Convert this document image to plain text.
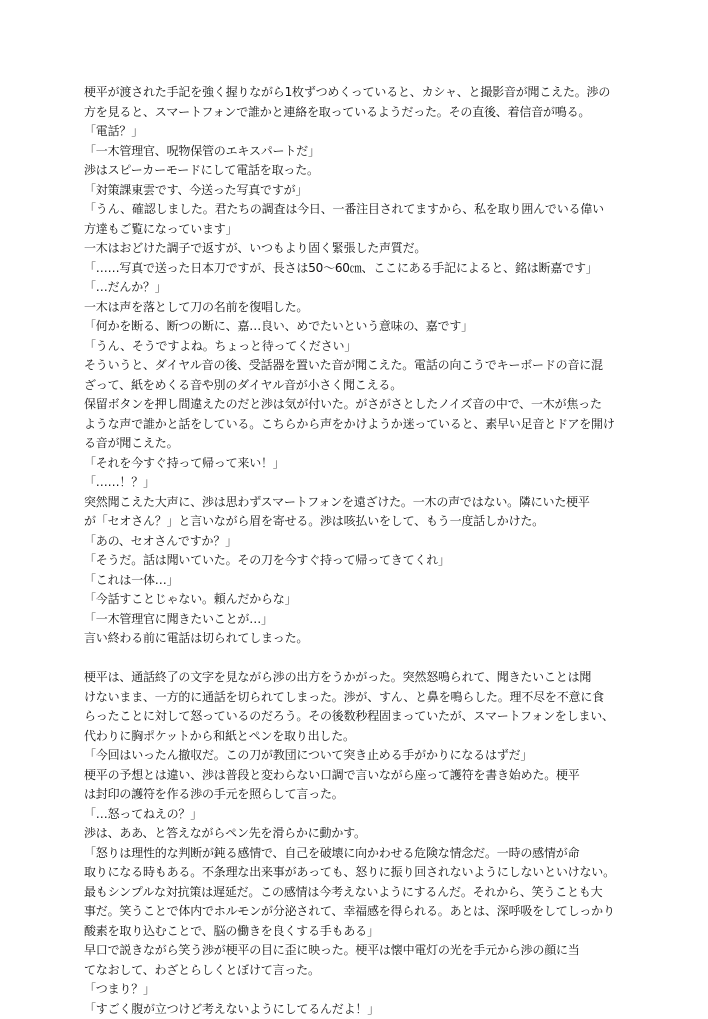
梗平が渡された手記を強く握りながら1枚ずつめくっていると、カシャ、と撮影音が聞こえた。渉の
方を見ると、スマートフォンで誰かと連絡を取っているようだった。その直後、着信音が鳴る。
「電話？」
「一木管理官、呪物保管のエキスパートだ」
渉はスピーカーモードにして電話を取った。
「対策課東雲です、今送った写真ですが」
「うん、確認しました。君たちの調査は今日、一番注目されてますから、私を取り囲んでいる偉い
方達もご覧になっています」
一木はおどけた調子で返すが、いつもより固く緊張した声質だ。
「……写真で送った日本刀ですが、長さは50～60㎝、ここにある手記によると、銘は断嘉です」
「…だんか？」
一木は声を落として刀の名前を復唱した。
「何かを断る、断つの断に、嘉…良い、めでたいという意味の、嘉です」
「うん、そうですよね。ちょっと待ってください」
そういうと、ダイヤル音の後、受話器を置いた音が聞こえた。電話の向こうでキーボードの音に混
ざって、紙をめくる音や別のダイヤル音が小さく聞こえる。
保留ボタンを押し間違えたのだと渉は気が付いた。がさがさとしたノイズ音の中で、一木が焦った
ような声で誰かと話をしている。こちらから声をかけようか迷っていると、素早い足音とドアを開け
る音が聞こえた。
「それを今すぐ持って帰って来い！」
「……！？」
突然聞こえた大声に、渉は思わずスマートフォンを遠ざけた。一木の声ではない。隣にいた梗平
が「セオさん？」と言いながら眉を寄せる。渉は咳払いをして、もう一度話しかけた。
「あの、セオさんですか？」
「そうだ。話は聞いていた。その刀を今すぐ持って帰ってきてくれ」
「これは一体…」
「今話すことじゃない。頼んだからな」
「一木管理官に聞きたいことが…」
言い終わる前に電話は切られてしまった。
梗平は、通話終了の文字を見ながら渉の出方をうかがった。突然怒鳴られて、聞きたいことは聞
けないまま、一方的に通話を切られてしまった。渉が、すん、と鼻を鳴らした。理不尽を不意に食
らったことに対して怒っているのだろう。その後数秒程固まっていたが、スマートフォンをしまい、
代わりに胸ポケットから和紙とペンを取り出した。
「今回はいったん撤収だ。この刀が教団について突き止める手がかりになるはずだ」
梗平の予想とは違い、渉は普段と変わらない口調で言いながら座って護符を書き始めた。梗平
は封印の護符を作る渉の手元を照らして言った。
「…怒ってねえの？」
渉は、ああ、と答えながらペン先を滑らかに動かす。
「怒りは理性的な判断が鈍る感情で、自己を破壊に向かわせる危険な情念だ。一時の感情が命
取りになる時もある。不条理な出来事があっても、怒りに振り回されないようにしないといけない。
最もシンプルな対抗策は遅延だ。この感情は今考えないようにするんだ。それから、笑うことも大
事だ。笑うことで体内でホルモンが分泌されて、幸福感を得られる。あとは、深呼吸をしてしっかり
酸素を取り込むことで、脳の働きを良くする手もある」
早口で説きながら笑う渉が梗平の目に歪に映った。梗平は懐中電灯の光を手元から渉の顔に当
てなおして、わざとらしくとぼけて言った。
「つまり？」
「すごく腹が立つけど考えないようにしてるんだよ！」
